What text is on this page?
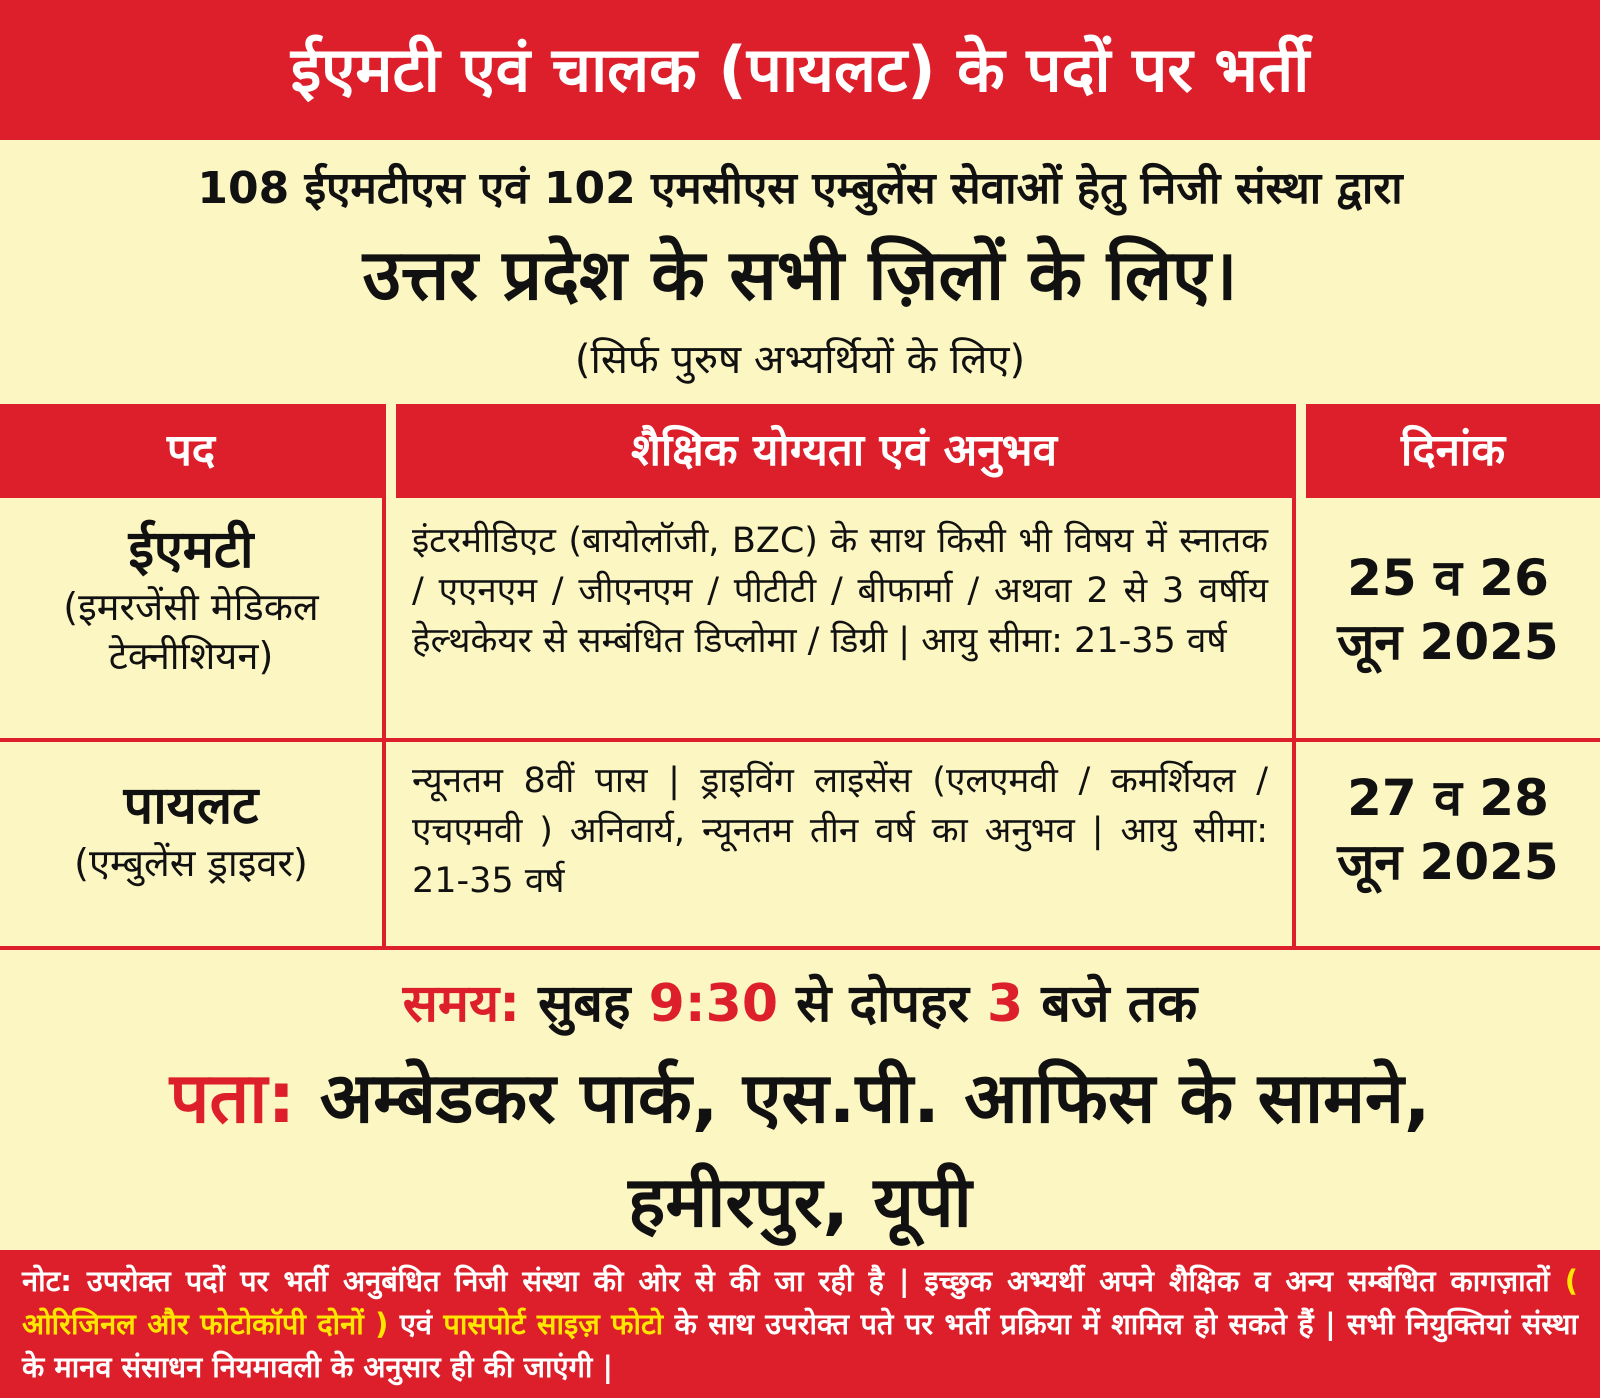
ईएमटी एवं चालक (पायलट) के पदों पर भर्ती
108 ईएमटीएस एवं 102 एमसीएस एम्बुलेंस सेवाओं हेतु निजी संस्था द्वारा
उत्तर प्रदेश के सभी ज़िलों के लिए।
(सिर्फ पुरुष अभ्यर्थियों के लिए)
पद	शैक्षिक योग्यता एवं अनुभव	दिनांक
ईएमटी
(इमरजेंसी मेडिकल टेक्नीशियन)
इंटरमीडिएट (बायोलॉजी, BZC) के साथ किसी भी विषय में स्नातक / एएनएम / जीएनएम / पीटीटी / बीफार्मा / अथवा 2 से 3 वर्षीय हेल्थकेयर से सम्बंधित डिप्लोमा / डिग्री | आयु सीमा: 21-35 वर्ष
25 व 26
जून 2025
पायलट
(एम्बुलेंस ड्राइवर)
न्यूनतम 8वीं पास | ड्राइविंग लाइसेंस (एलएमवी / कमर्शियल / एचएमवी ) अनिवार्य, न्यूनतम तीन वर्ष का अनुभव | आयु सीमा: 21-35 वर्ष
27 व 28
जून 2025
समय: सुबह 9:30 से दोपहर 3 बजे तक
पता: अम्बेडकर पार्क, एस.पी. आफिस के सामने,
हमीरपुर, यूपी
नोट: उपरोक्त पदों पर भर्ती अनुबंधित निजी संस्था की ओर से की जा रही है | इच्छुक अभ्यर्थी अपने शैक्षिक व अन्य सम्बंधित कागज़ातों ( ओरिजिनल और फोटोकॉपी दोनों ) एवं पासपोर्ट साइज़ फोटो के साथ उपरोक्त पते पर भर्ती प्रक्रिया में शामिल हो सकते हैं | सभी नियुक्तियां संस्था के मानव संसाधन नियमावली के अनुसार ही की जाएंगी |
